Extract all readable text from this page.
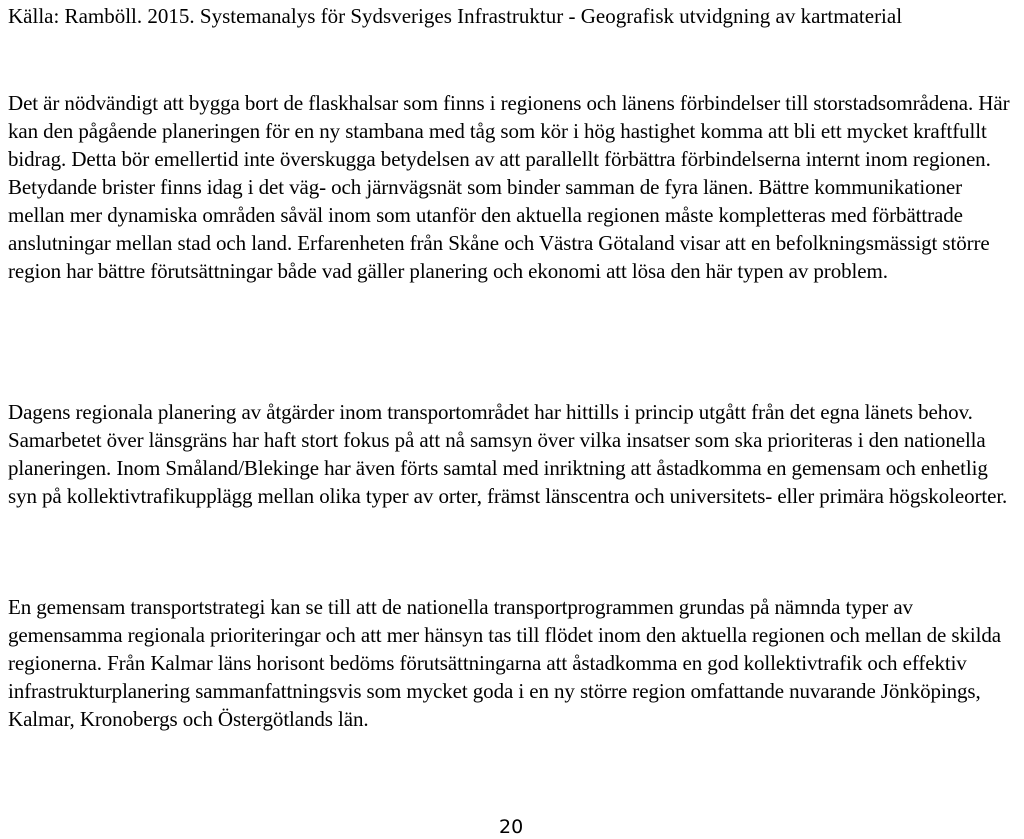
Källa: Ramböll. 2015. Systemanalys för Sydsveriges Infrastruktur - Geografisk utvidgning av kartmaterial

Det är nödvändigt att bygga bort de flaskhalsar som finns i regionens och länens förbindelser till storstadsområdena. Här kan den pågående planeringen för en ny stambana med tåg som kör i hög hastighet komma att bli ett mycket kraftfullt bidrag. Detta bör emellertid inte överskugga betydelsen av att parallellt förbättra förbindelserna internt inom regionen. Betydande brister finns idag i det väg- och järnvägsnät som binder samman de fyra länen. Bättre kommunikationer mellan mer dynamiska områden såväl inom som utanför den aktuella regionen måste kompletteras med förbättrade anslutningar mellan stad och land. Erfarenheten från Skåne och Västra Götaland visar att en befolkningsmässigt större region har bättre förutsättningar både vad gäller planering och ekonomi att lösa den här typen av problem.

Dagens regionala planering av åtgärder inom transportområdet har hittills i princip utgått från det egna länets behov. Samarbetet över länsgräns har haft stort fokus på att nå samsyn över vilka insatser som ska prioriteras i den nationella planeringen. Inom Småland/Blekinge har även förts samtal med inriktning att åstadkomma en gemensam och enhetlig syn på kollektivtrafikupplägg mellan olika typer av orter, främst länscentra och universitets- eller primära högskoleorter.

En gemensam transportstrategi kan se till att de nationella transportprogrammen grundas på nämnda typer av gemensamma regionala prioriteringar och att mer hänsyn tas till flödet inom den aktuella regionen och mellan de skilda regionerna. Från Kalmar läns horisont bedöms förutsättningarna att åstadkomma en god kollektivtrafik och effektiv infrastrukturplanering sammanfattningsvis som mycket goda i en ny större region omfattande nuvarande Jönköpings, Kalmar, Kronobergs och Östergötlands län.

20
